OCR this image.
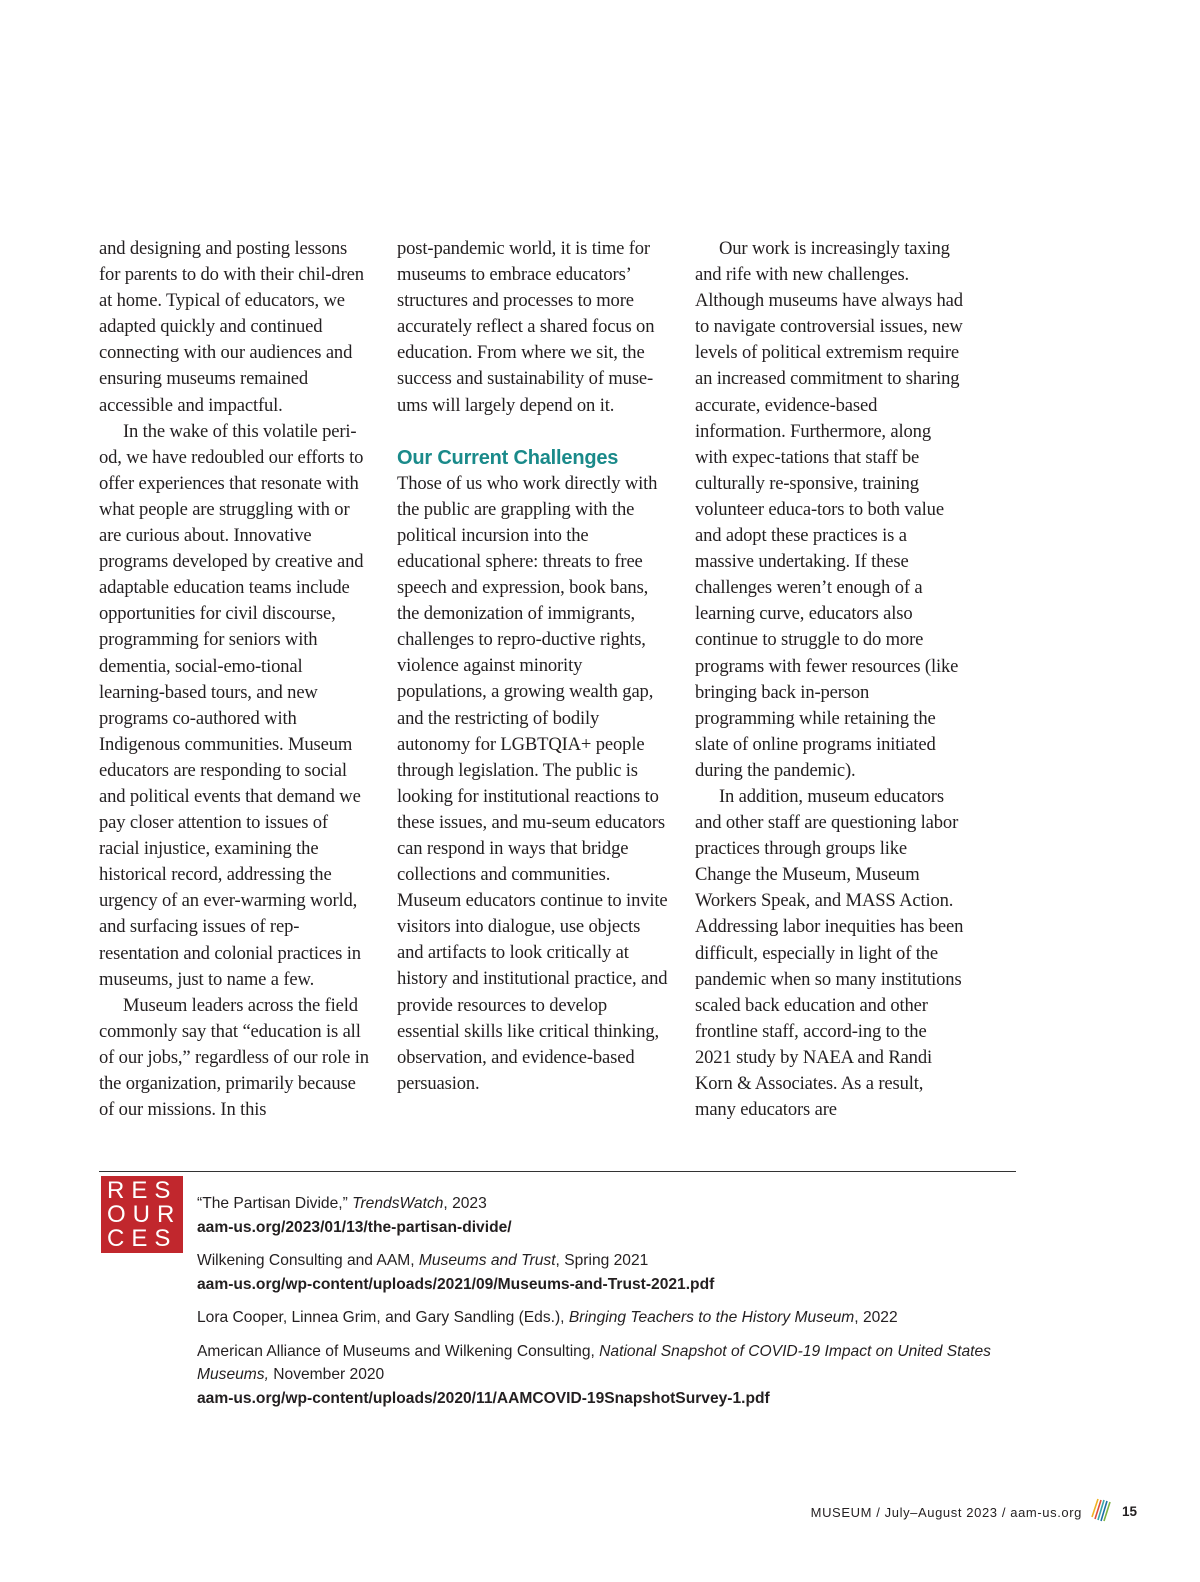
and designing and posting lessons for parents to do with their chil-dren at home. Typical of educators, we adapted quickly and continued connecting with our audiences and ensuring museums remained accessible and impactful.

In the wake of this volatile peri-od, we have redoubled our efforts to offer experiences that resonate with what people are struggling with or are curious about. Innovative programs developed by creative and adaptable education teams include opportunities for civil discourse, programming for seniors with dementia, social-emo-tional learning-based tours, and new programs co-authored with Indigenous communities. Museum educators are responding to social and political events that demand we pay closer attention to issues of racial injustice, examining the historical record, addressing the urgency of an ever-warming world, and surfacing issues of rep-resentation and colonial practices in museums, just to name a few.

Museum leaders across the field commonly say that “education is all of our jobs,” regardless of our role in the organization, primarily because of our missions. In this

post-pandemic world, it is time for museums to embrace educators’ structures and processes to more accurately reflect a shared focus on education. From where we sit, the success and sustainability of muse-ums will largely depend on it.

Our Current Challenges

Those of us who work directly with the public are grappling with the political incursion into the educational sphere: threats to free speech and expression, book bans, the demonization of immigrants, challenges to repro-ductive rights, violence against minority populations, a growing wealth gap, and the restricting of bodily autonomy for LGBTQIA+ people through legislation. The public is looking for institutional reactions to these issues, and mu-seum educators can respond in ways that bridge collections and communities. Museum educators continue to invite visitors into dialogue, use objects and artifacts to look critically at history and institutional practice, and provide resources to develop essential skills like critical thinking, observation, and evidence-based persuasion.

Our work is increasingly taxing and rife with new challenges. Although museums have always had to navigate controversial issues, new levels of political extremism require an increased commitment to sharing accurate, evidence-based information. Furthermore, along with expec-tations that staff be culturally re-sponsive, training volunteer educa-tors to both value and adopt these practices is a massive undertaking. If these challenges weren’t enough of a learning curve, educators also continue to struggle to do more programs with fewer resources (like bringing back in-person programming while retaining the slate of online programs initiated during the pandemic).

In addition, museum educators and other staff are questioning labor practices through groups like Change the Museum, Museum Workers Speak, and MASS Action. Addressing labor inequities has been difficult, especially in light of the pandemic when so many institutions scaled back education and other frontline staff, accord-ing to the 2021 study by NAEA and Randi Korn & Associates. As a result, many educators are

RES
OUR
CES
“The Partisan Divide,” TrendsWatch, 2023
aam-us.org/2023/01/13/the-partisan-divide/
Wilkening Consulting and AAM, Museums and Trust, Spring 2021
aam-us.org/wp-content/uploads/2021/09/Museums-and-Trust-2021.pdf
Lora Cooper, Linnea Grim, and Gary Sandling (Eds.), Bringing Teachers to the History Museum, 2022
American Alliance of Museums and Wilkening Consulting, National Snapshot of COVID-19 Impact on United States Museums, November 2020
aam-us.org/wp-content/uploads/2020/11/AAMCOVID-19SnapshotSurvey-1.pdf
MUSEUM / July–August 2023 / aam-us.org	15
